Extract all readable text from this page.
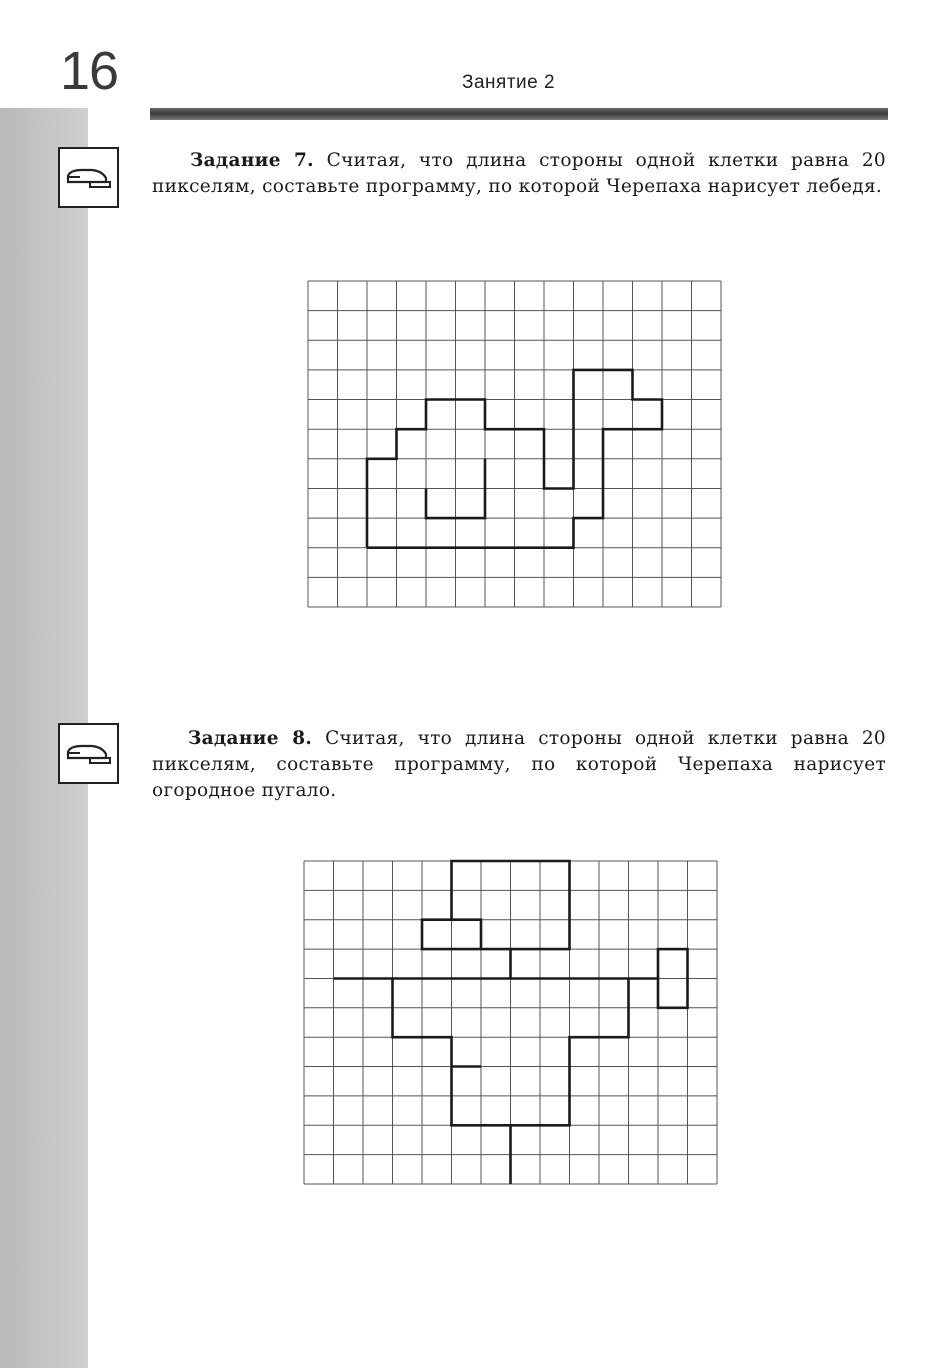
16	Занятие 2
Задание 7. Считая, что длина стороны одной клетки равна 20 пикселям, составьте программу, по которой Черепаха нарисует лебедя.
Задание 8. Считая, что длина стороны одной клетки равна 20 пикселям, составьте программу, по которой Черепаха нарисует огородное пугало.
